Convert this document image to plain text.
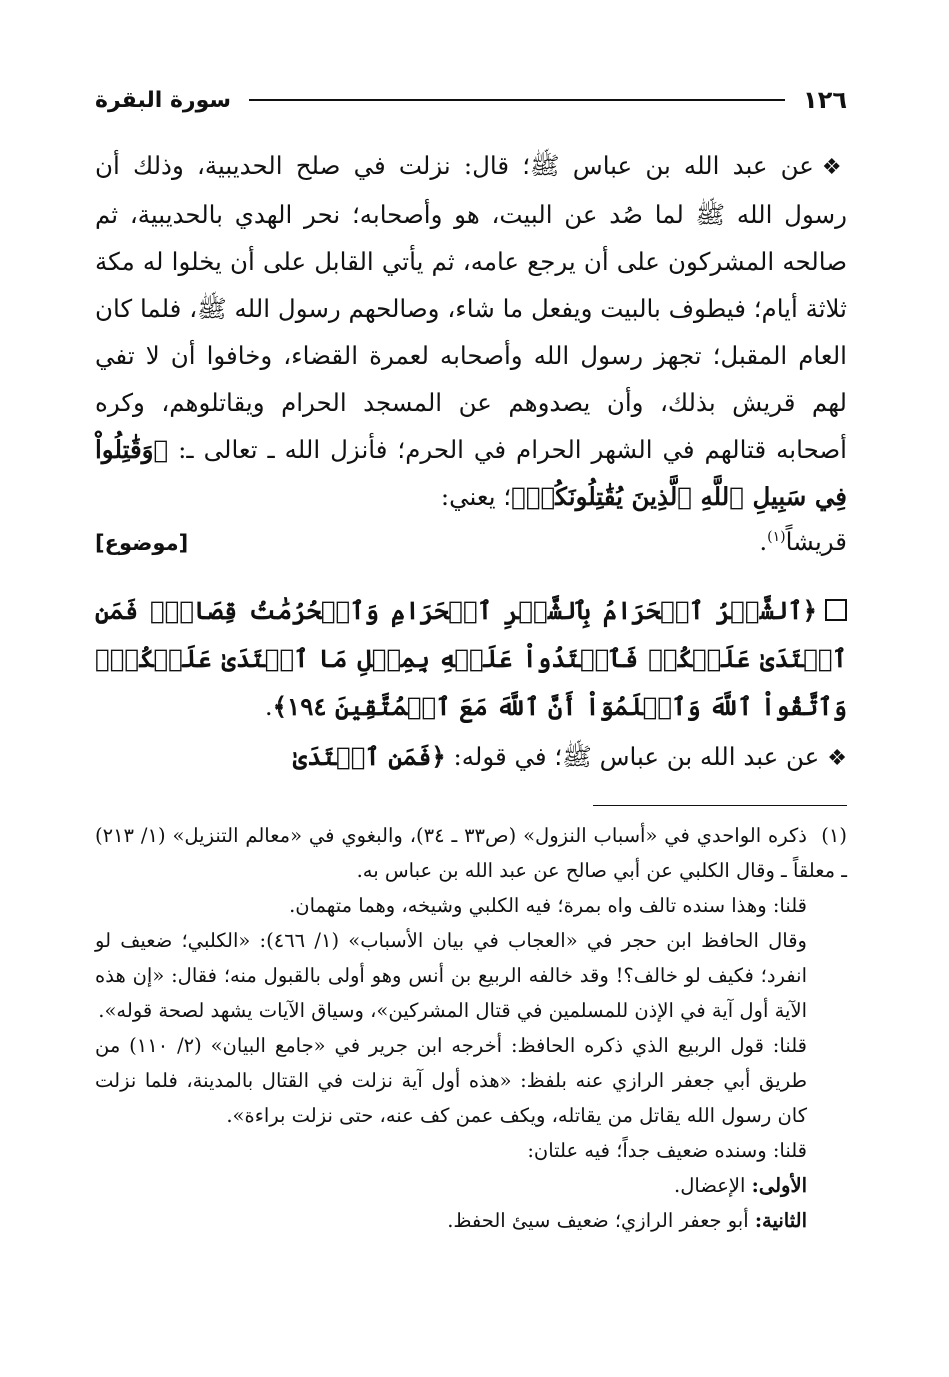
١٢٦
سورة البقرة
❖عن عبد الله بن عباس ﷺ؛ قال: نزلت في صلح الحديبية، وذلك أن رسول الله ﷺ لما صُد عن البيت، هو وأصحابه؛ نحر الهدي بالحديبية، ثم صالحه المشركون على أن يرجع عامه، ثم يأتي القابل على أن يخلوا له مكة ثلاثة أيام؛ فيطوف بالبيت ويفعل ما شاء، وصالحهم رسول الله ﷺ، فلما كان العام المقبل؛ تجهز رسول الله وأصحابه لعمرة القضاء، وخافوا أن لا تفي لهم قريش بذلك، وأن يصدوهم عن المسجد الحرام ويقاتلوهم، وكره أصحابه قتالهم في الشهر الحرام في الحرم؛ فأنزل الله ـ تعالى ـ: ﴿وَقَٰتِلُواْ فِي سَبِيلِ ٱللَّهِ ٱلَّذِينَ يُقَٰتِلُونَكُمۡ﴾؛ يعني:
قريشاً$^{(١)}$.
[موضوع]
﴿ٱلشَّهۡرُ ٱلۡحَرَامُ بِٱلشَّهۡرِ ٱلۡحَرَامِ وَٱلۡحُرُمَٰتُ قِصَاصٞۚ فَمَنِ ٱعۡتَدَىٰ عَلَيۡكُمۡ فَٱعۡتَدُواْ عَلَيۡهِ بِمِثۡلِ مَا ٱعۡتَدَىٰ عَلَيۡكُمۡۚ وَٱتَّقُواْ ٱللَّهَ وَٱعۡلَمُوٓاْ أَنَّ ٱللَّهَ مَعَ ٱلۡمُتَّقِينَ ١٩٤﴾.
❖عن عبد الله بن عباس ﷺ؛ في قوله: ﴿فَمَنِ ٱعۡتَدَىٰ
(١)ذكره الواحدي في «أسباب النزول» (ص٣٣ ـ ٣٤)، والبغوي في «معالم التنزيل» (١/ ٢١٣) ـ معلقاً ـ وقال الكلبي عن أبي صالح عن عبد الله بن عباس به.
قلنا: وهذا سنده تالف واه بمرة؛ فيه الكلبي وشيخه، وهما متهمان.
وقال الحافظ ابن حجر في «العجاب في بيان الأسباب» (١/ ٤٦٦): «الكلبي؛ ضعيف لو انفرد؛ فكيف لو خالف؟! وقد خالفه الربيع بن أنس وهو أولى بالقبول منه؛ فقال: «إن هذه الآية أول آية في الإذن للمسلمين في قتال المشركين»، وسياق الآيات يشهد لصحة قوله».
قلنا: قول الربيع الذي ذكره الحافظ: أخرجه ابن جرير في «جامع البيان» (٢/ ١١٠) من طريق أبي جعفر الرازي عنه بلفظ: «هذه أول آية نزلت في القتال بالمدينة، فلما نزلت كان رسول الله يقاتل من يقاتله، ويكف عمن كف عنه، حتى نزلت براءة».
قلنا: وسنده ضعيف جداً؛ فيه علتان:
الأولى: الإعضال.
الثانية: أبو جعفر الرازي؛ ضعيف سيئ الحفظ.
